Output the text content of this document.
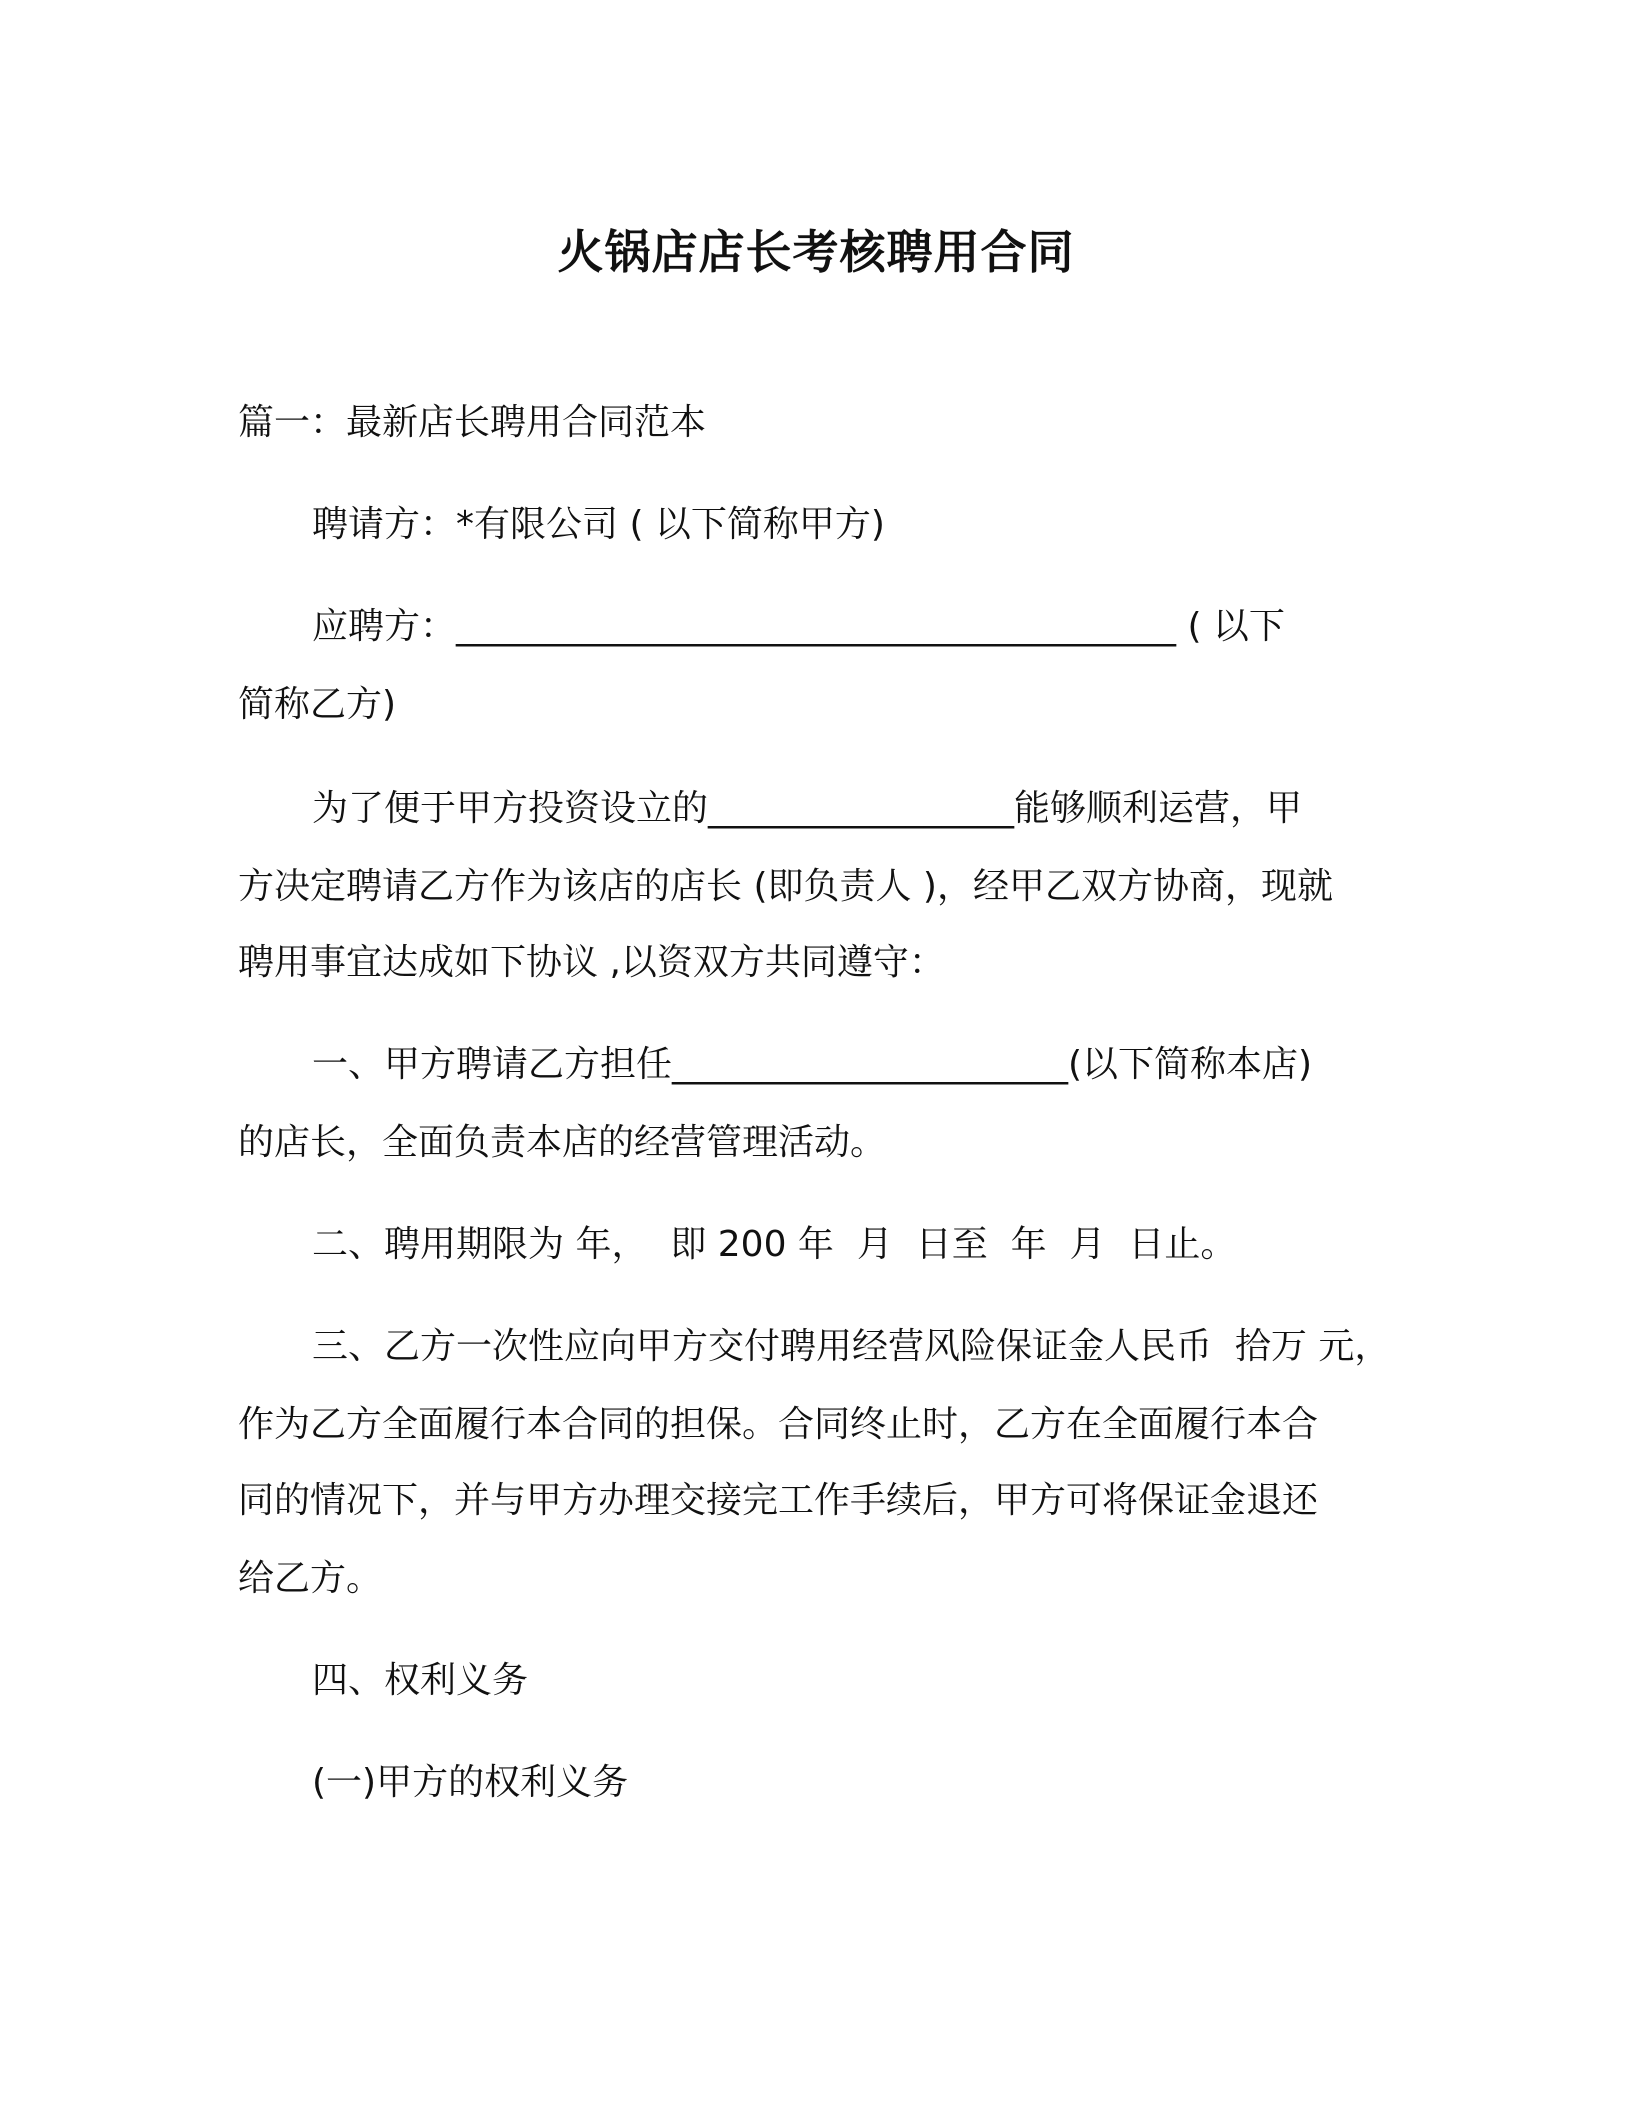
火锅店店长考核聘用合同
篇一：最新店长聘用合同范本
聘请方：*有限公司 ( 以下简称甲方)
应聘方：________________________________________ ( 以下
简称乙方)
为了便于甲方投资设立的_________________能够顺利运营，甲
方决定聘请乙方作为该店的店长 (即负责人 )，经甲乙双方协商，现就
聘用事宜达成如下协议 ,以资双方共同遵守：
一、甲方聘请乙方担任______________________(以下简称本店)
的店长，全面负责本店的经营管理活动。
二、聘用期限为 年，  即 200 年  月  日至  年  月  日止。
三、乙方一次性应向甲方交付聘用经营风险保证金人民币  拾万 元，
作为乙方全面履行本合同的担保。合同终止时，乙方在全面履行本合
同的情况下，并与甲方办理交接完工作手续后，甲方可将保证金退还
给乙方。
四、权利义务
(一)甲方的权利义务
